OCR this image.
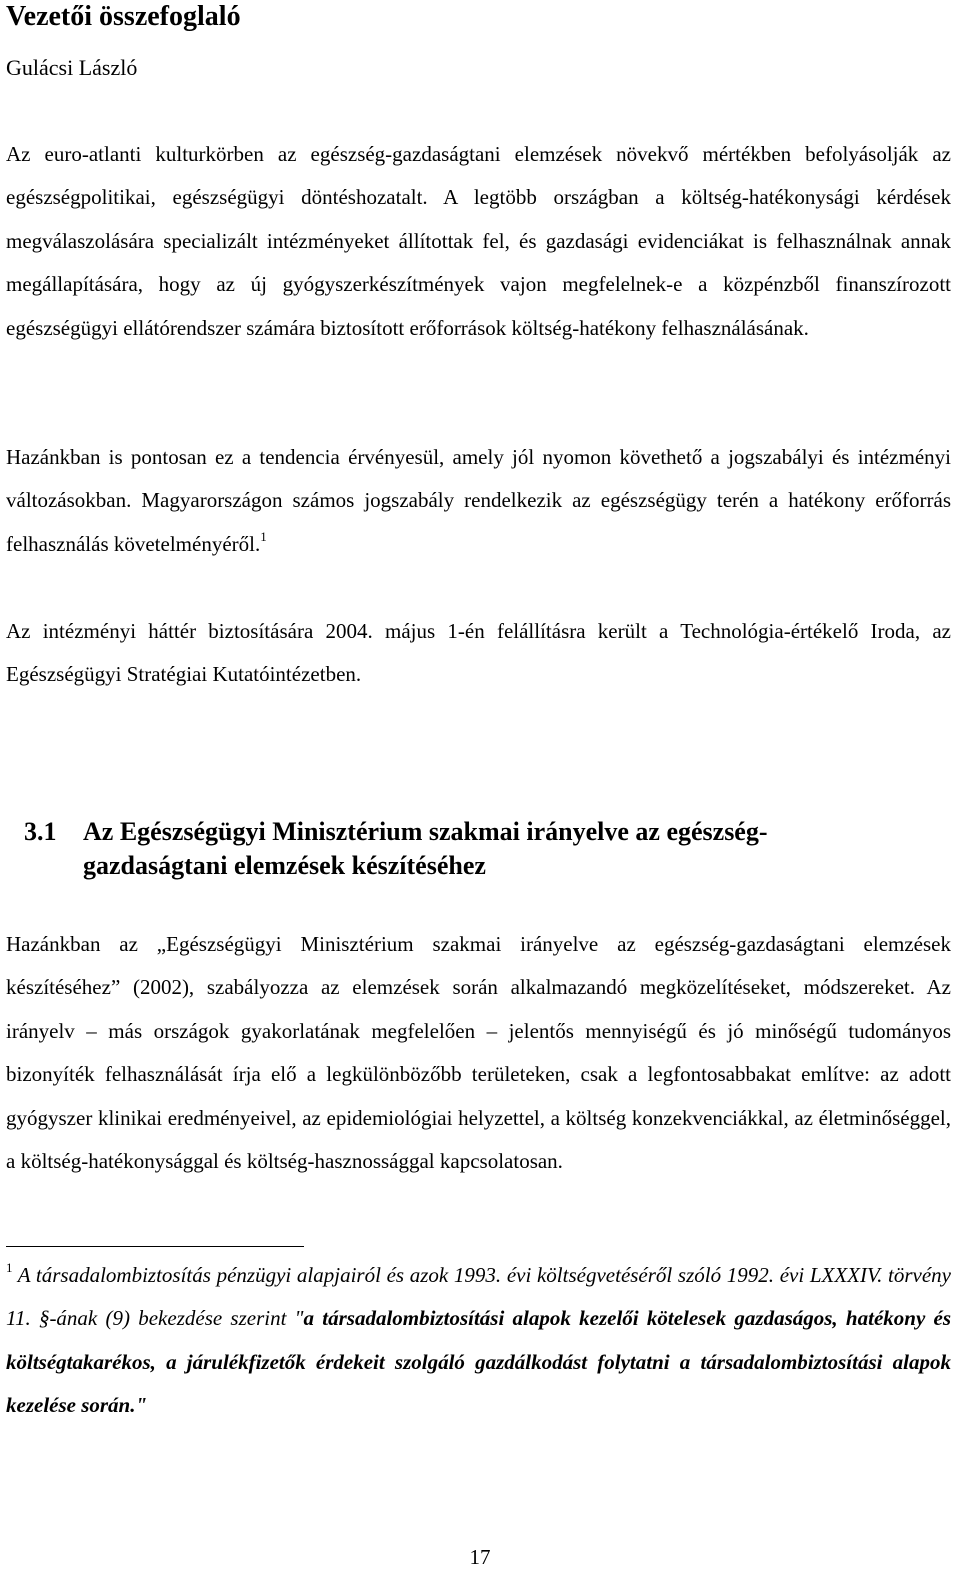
Vezetői összefoglaló
Gulácsi László

Az euro-atlanti kulturkörben az egészség-gazdaságtani elemzések növekvő mértékben befolyásolják az egészségpolitikai, egészségügyi döntéshozatalt. A legtöbb országban a költség-hatékonysági kérdések megválaszolására specializált intézményeket állítottak fel, és gazdasági evidenciákat is felhasználnak annak megállapítására, hogy az új gyógyszerkészítmények vajon megfelelnek-e a közpénzből finanszírozott egészségügyi ellátórendszer számára biztosított erőforrások költség-hatékony felhasználásának.

Hazánkban is pontosan ez a tendencia érvényesül, amely jól nyomon követhető a jogszabályi és intézményi változásokban. Magyarországon számos jogszabály rendelkezik az egészségügy terén a hatékony erőforrás felhasználás követelményéről.$^1$

Az intézményi háttér biztosítására 2004. május 1-én felállításra került a Technológia-értékelő Iroda, az Egészségügyi Stratégiai Kutatóintézetben.

3.1 Az Egészségügyi Minisztérium szakmai irányelve az egészség-gazdaságtani elemzések készítéséhez

Hazánkban az „Egészségügyi Minisztérium szakmai irányelve az egészség-gazdaságtani elemzések készítéséhez” (2002), szabályozza az elemzések során alkalmazandó megközelítéseket, módszereket. Az irányelv – más országok gyakorlatának megfelelően – jelentős mennyiségű és jó minőségű tudományos bizonyíték felhasználását írja elő a legkülönbözőbb területeken, csak a legfontosabbakat említve: az adott gyógyszer klinikai eredményeivel, az epidemiológiai helyzettel, a költség konzekvenciákkal, az életminőséggel, a költség-hatékonysággal és költség-hasznossággal kapcsolatosan.

$^1$ A társadalombiztosítás pénzügyi alapjairól és azok 1993. évi költségvetéséről szóló 1992. évi LXXXIV. törvény 11. §-ának (9) bekezdése szerint "a társadalombiztosítási alapok kezelői kötelesek gazdaságos, hatékony és költségtakarékos, a járulékfizetők érdekeit szolgáló gazdálkodást folytatni a társadalombiztosítási alapok kezelése során."

17
